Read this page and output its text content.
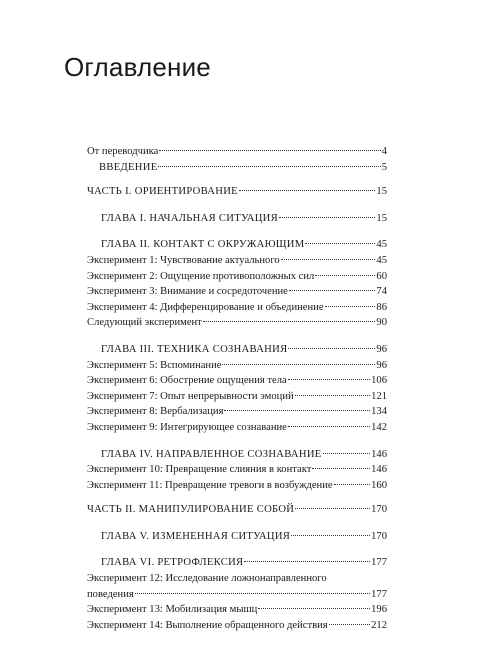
Оглавление
От переводчика	4
ВВЕДЕНИЕ	5
ЧАСТЬ I. ОРИЕНТИРОВАНИЕ	15
ГЛАВА I. НАЧАЛЬНАЯ СИТУАЦИЯ	15
ГЛАВА II. КОНТАКТ С ОКРУЖАЮЩИМ	45
Эксперимент 1: Чувствование актуального	45
Эксперимент 2: Ощущение противоположных сил	60
Эксперимент 3: Внимание и сосредоточение	74
Эксперимент 4: Дифференцирование и объединение	86
Следующий эксперимент	90
ГЛАВА III. ТЕХНИКА СОЗНАВАНИЯ	96
Эксперимент 5: Вспоминание	96
Эксперимент 6: Обострение ощущения тела	106
Эксперимент 7: Опыт непрерывности эмоций	121
Эксперимент 8: Вербализация	134
Эксперимент 9: Интегрирующее сознавание	142
ГЛАВА IV. НАПРАВЛЕННОЕ СОЗНАВАНИЕ	146
Эксперимент 10: Превращение слияния в контакт	146
Эксперимент 11: Превращение тревоги в возбуждение	160
ЧАСТЬ II. МАНИПУЛИРОВАНИЕ СОБОЙ	170
ГЛАВА V. ИЗМЕНЕННАЯ СИТУАЦИЯ	170
ГЛАВА VI. РЕТРОФЛЕКСИЯ	177
Эксперимент 12: Исследование ложнонаправленного
поведения	177
Эксперимент 13: Мобилизация мышц	196
Эксперимент 14: Выполнение обращенного действия	212
